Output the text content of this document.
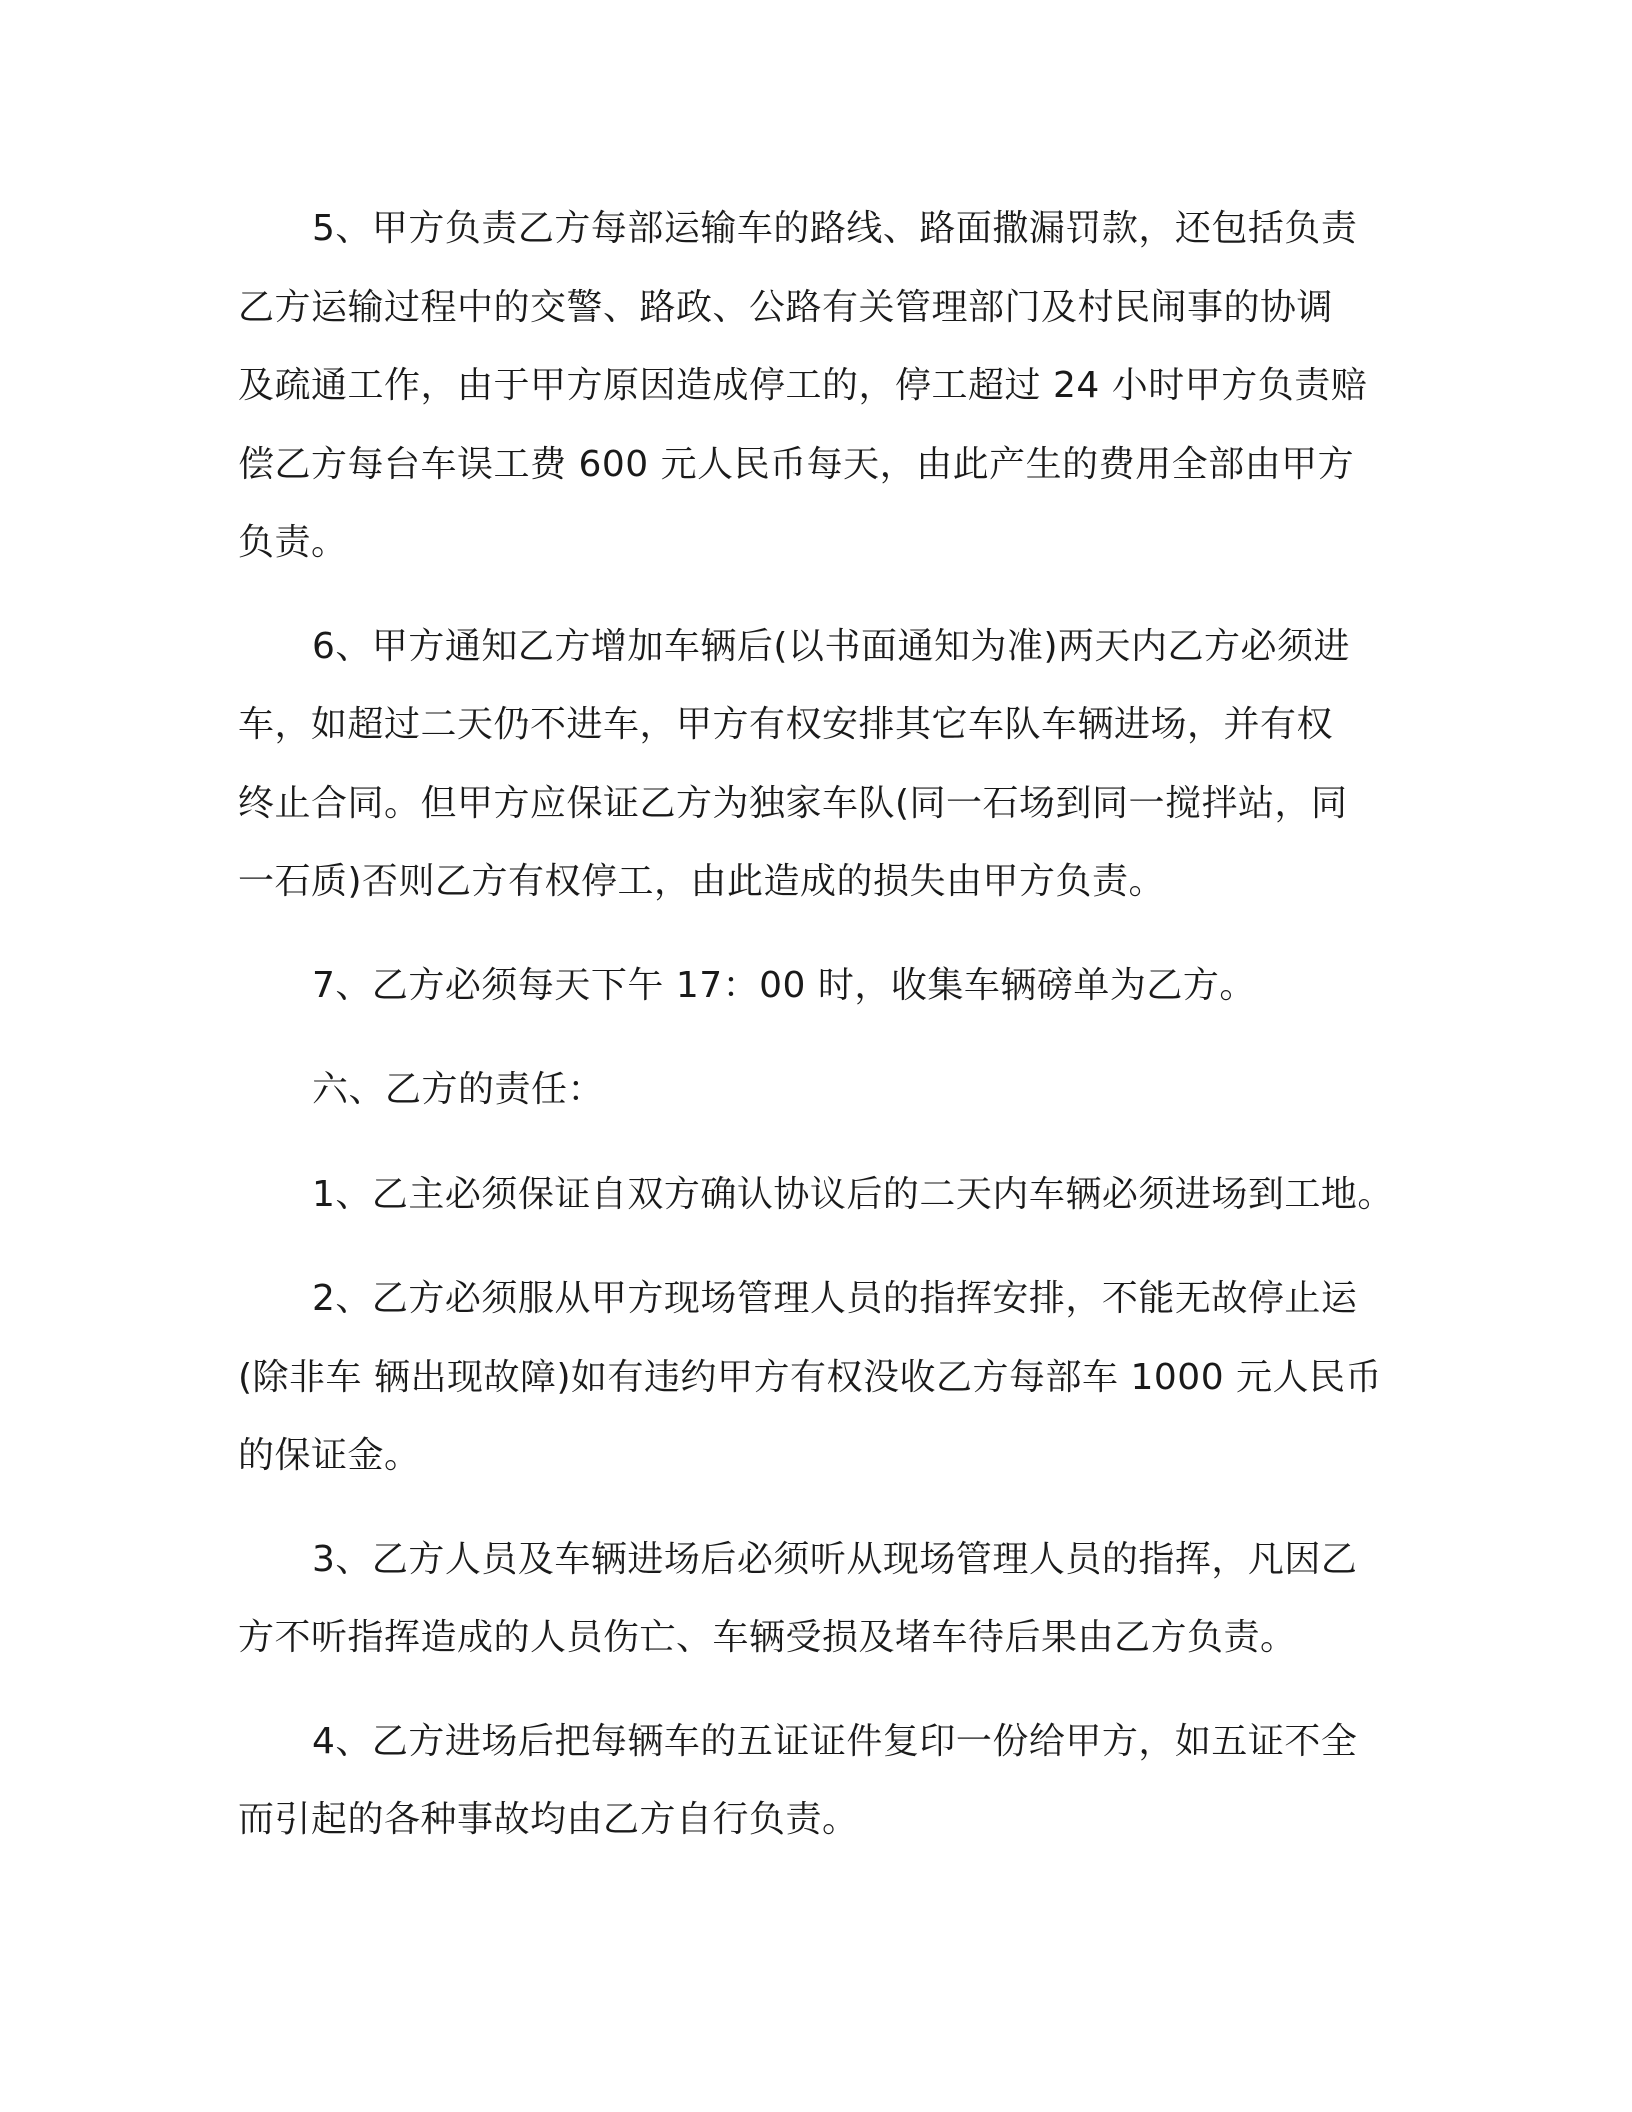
5、甲方负责乙方每部运输车的路线、路面撒漏罚款，还包括负责
乙方运输过程中的交警、路政、公路有关管理部门及村民闹事的协调
及疏通工作，由于甲方原因造成停工的，停工超过 24 小时甲方负责赔
偿乙方每台车误工费 600 元人民币每天，由此产生的费用全部由甲方
负责。

6、甲方通知乙方增加车辆后(以书面通知为准)两天内乙方必须进
车，如超过二天仍不进车，甲方有权安排其它车队车辆进场，并有权
终止合同。但甲方应保证乙方为独家车队(同一石场到同一搅拌站，同
一石质)否则乙方有权停工，由此造成的损失由甲方负责。

7、乙方必须每天下午 17：00 时，收集车辆磅单为乙方。

六、乙方的责任：

1、乙主必须保证自双方确认协议后的二天内车辆必须进场到工地。

2、乙方必须服从甲方现场管理人员的指挥安排，不能无故停止运
(除非车 辆出现故障)如有违约甲方有权没收乙方每部车 1000 元人民币
的保证金。

3、乙方人员及车辆进场后必须听从现场管理人员的指挥，凡因乙
方不听指挥造成的人员伤亡、车辆受损及堵车待后果由乙方负责。

4、乙方进场后把每辆车的五证证件复印一份给甲方，如五证不全
而引起的各种事故均由乙方自行负责。
